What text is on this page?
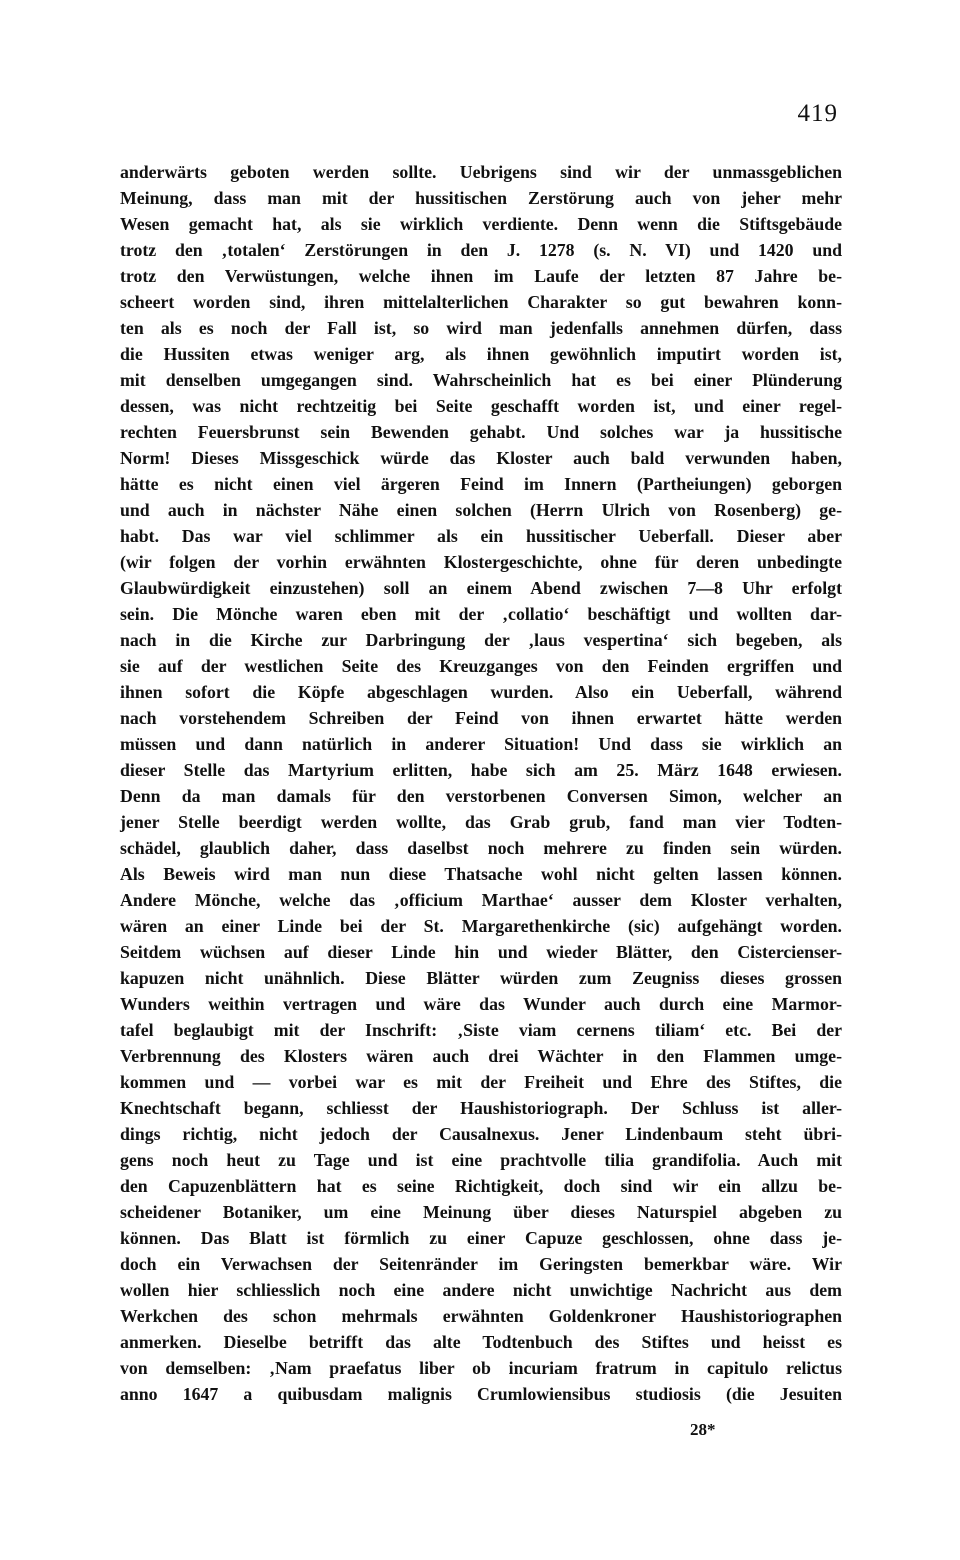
419
anderwärts geboten werden sollte. Uebrigens sind wir der unmassgeblichen
Meinung, dass man mit der hussitischen Zerstörung auch von jeher mehr
Wesen gemacht hat, als sie wirklich verdiente. Denn wenn die Stiftsgebäude
trotz den ‚totalen‘ Zerstörungen in den J. 1278 (s. N. VI) und 1420 und
trotz den Verwüstungen, welche ihnen im Laufe der letzten 87 Jahre be-
scheert worden sind, ihren mittelalterlichen Charakter so gut bewahren konn-
ten als es noch der Fall ist, so wird man jedenfalls annehmen dürfen, dass
die Hussiten etwas weniger arg, als ihnen gewöhnlich imputirt worden ist,
mit denselben umgegangen sind. Wahrscheinlich hat es bei einer Plünderung
dessen, was nicht rechtzeitig bei Seite geschafft worden ist, und einer regel-
rechten Feuersbrunst sein Bewenden gehabt. Und solches war ja hussitische
Norm! Dieses Missgeschick würde das Kloster auch bald verwunden haben,
hätte es nicht einen viel ärgeren Feind im Innern (Partheiungen) geborgen
und auch in nächster Nähe einen solchen (Herrn Ulrich von Rosenberg) ge-
habt. Das war viel schlimmer als ein hussitischer Ueberfall. Dieser aber
(wir folgen der vorhin erwähnten Klostergeschichte, ohne für deren unbedingte
Glaubwürdigkeit einzustehen) soll an einem Abend zwischen 7—8 Uhr erfolgt
sein. Die Mönche waren eben mit der ‚collatio‘ beschäftigt und wollten dar-
nach in die Kirche zur Darbringung der ‚laus vespertina‘ sich begeben, als
sie auf der westlichen Seite des Kreuzganges von den Feinden ergriffen und
ihnen sofort die Köpfe abgeschlagen wurden. Also ein Ueberfall, während
nach vorstehendem Schreiben der Feind von ihnen erwartet hätte werden
müssen und dann natürlich in anderer Situation! Und dass sie wirklich an
dieser Stelle das Martyrium erlitten, habe sich am 25. März 1648 erwiesen.
Denn da man damals für den verstorbenen Conversen Simon, welcher an
jener Stelle beerdigt werden wollte, das Grab grub, fand man vier Todten-
schädel, glaublich daher, dass daselbst noch mehrere zu finden sein würden.
Als Beweis wird man nun diese Thatsache wohl nicht gelten lassen können.
Andere Mönche, welche das ‚officium Marthae‘ ausser dem Kloster verhalten,
wären an einer Linde bei der St. Margarethenkirche (sic) aufgehängt worden.
Seitdem wüchsen auf dieser Linde hin und wieder Blätter, den Cistercienser-
kapuzen nicht unähnlich. Diese Blätter würden zum Zeugniss dieses grossen
Wunders weithin vertragen und wäre das Wunder auch durch eine Marmor-
tafel beglaubigt mit der Inschrift: ‚Siste viam cernens tiliam‘ etc. Bei der
Verbrennung des Klosters wären auch drei Wächter in den Flammen umge-
kommen und — vorbei war es mit der Freiheit und Ehre des Stiftes, die
Knechtschaft begann, schliesst der Haushistoriograph. Der Schluss ist aller-
dings richtig, nicht jedoch der Causalnexus. Jener Lindenbaum steht übri-
gens noch heut zu Tage und ist eine prachtvolle tilia grandifolia. Auch mit
den Capuzenblättern hat es seine Richtigkeit, doch sind wir ein allzu be-
scheidener Botaniker, um eine Meinung über dieses Naturspiel abgeben zu
können. Das Blatt ist förmlich zu einer Capuze geschlossen, ohne dass je-
doch ein Verwachsen der Seitenränder im Geringsten bemerkbar wäre. Wir
wollen hier schliesslich noch eine andere nicht unwichtige Nachricht aus dem
Werkchen des schon mehrmals erwähnten Goldenkroner Haushistoriographen
anmerken. Dieselbe betrifft das alte Todtenbuch des Stiftes und heisst es
von demselben: ‚Nam praefatus liber ob incuriam fratrum in capitulo relictus
anno 1647 a quibusdam malignis Crumlowiensibus studiosis (die Jesuiten
28*
